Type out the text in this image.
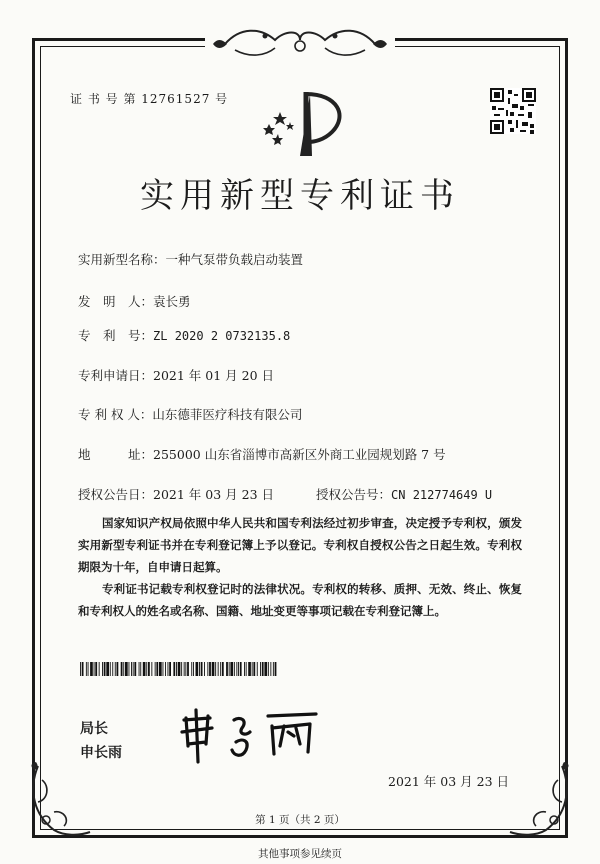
证 书 号 第 12761527 号
实用新型专利证书
实用新型名称：一种气泵带负载启动装置
发　明　人：袁长勇
专　利　号：ZL 2020 2 0732135.8
专利申请日：2021 年 01 月 20 日
专 利 权 人：山东德菲医疗科技有限公司
地　　　址：255000 山东省淄博市高新区外商工业园规划路 7 号
授权公告日：2021 年 03 月 23 日	授权公告号：CN 212774649 U
国家知识产权局依照中华人民共和国专利法经过初步审查，决定授予专利权，颁发实用新型专利证书并在专利登记簿上予以登记。专利权自授权公告之日起生效。专利权期限为十年，自申请日起算。
专利证书记载专利权登记时的法律状况。专利权的转移、质押、无效、终止、恢复和专利权人的姓名或名称、国籍、地址变更等事项记载在专利登记簿上。
局长
申长雨
2021 年 03 月 23 日
第 1 页（共 2 页）
其他事项参见续页
